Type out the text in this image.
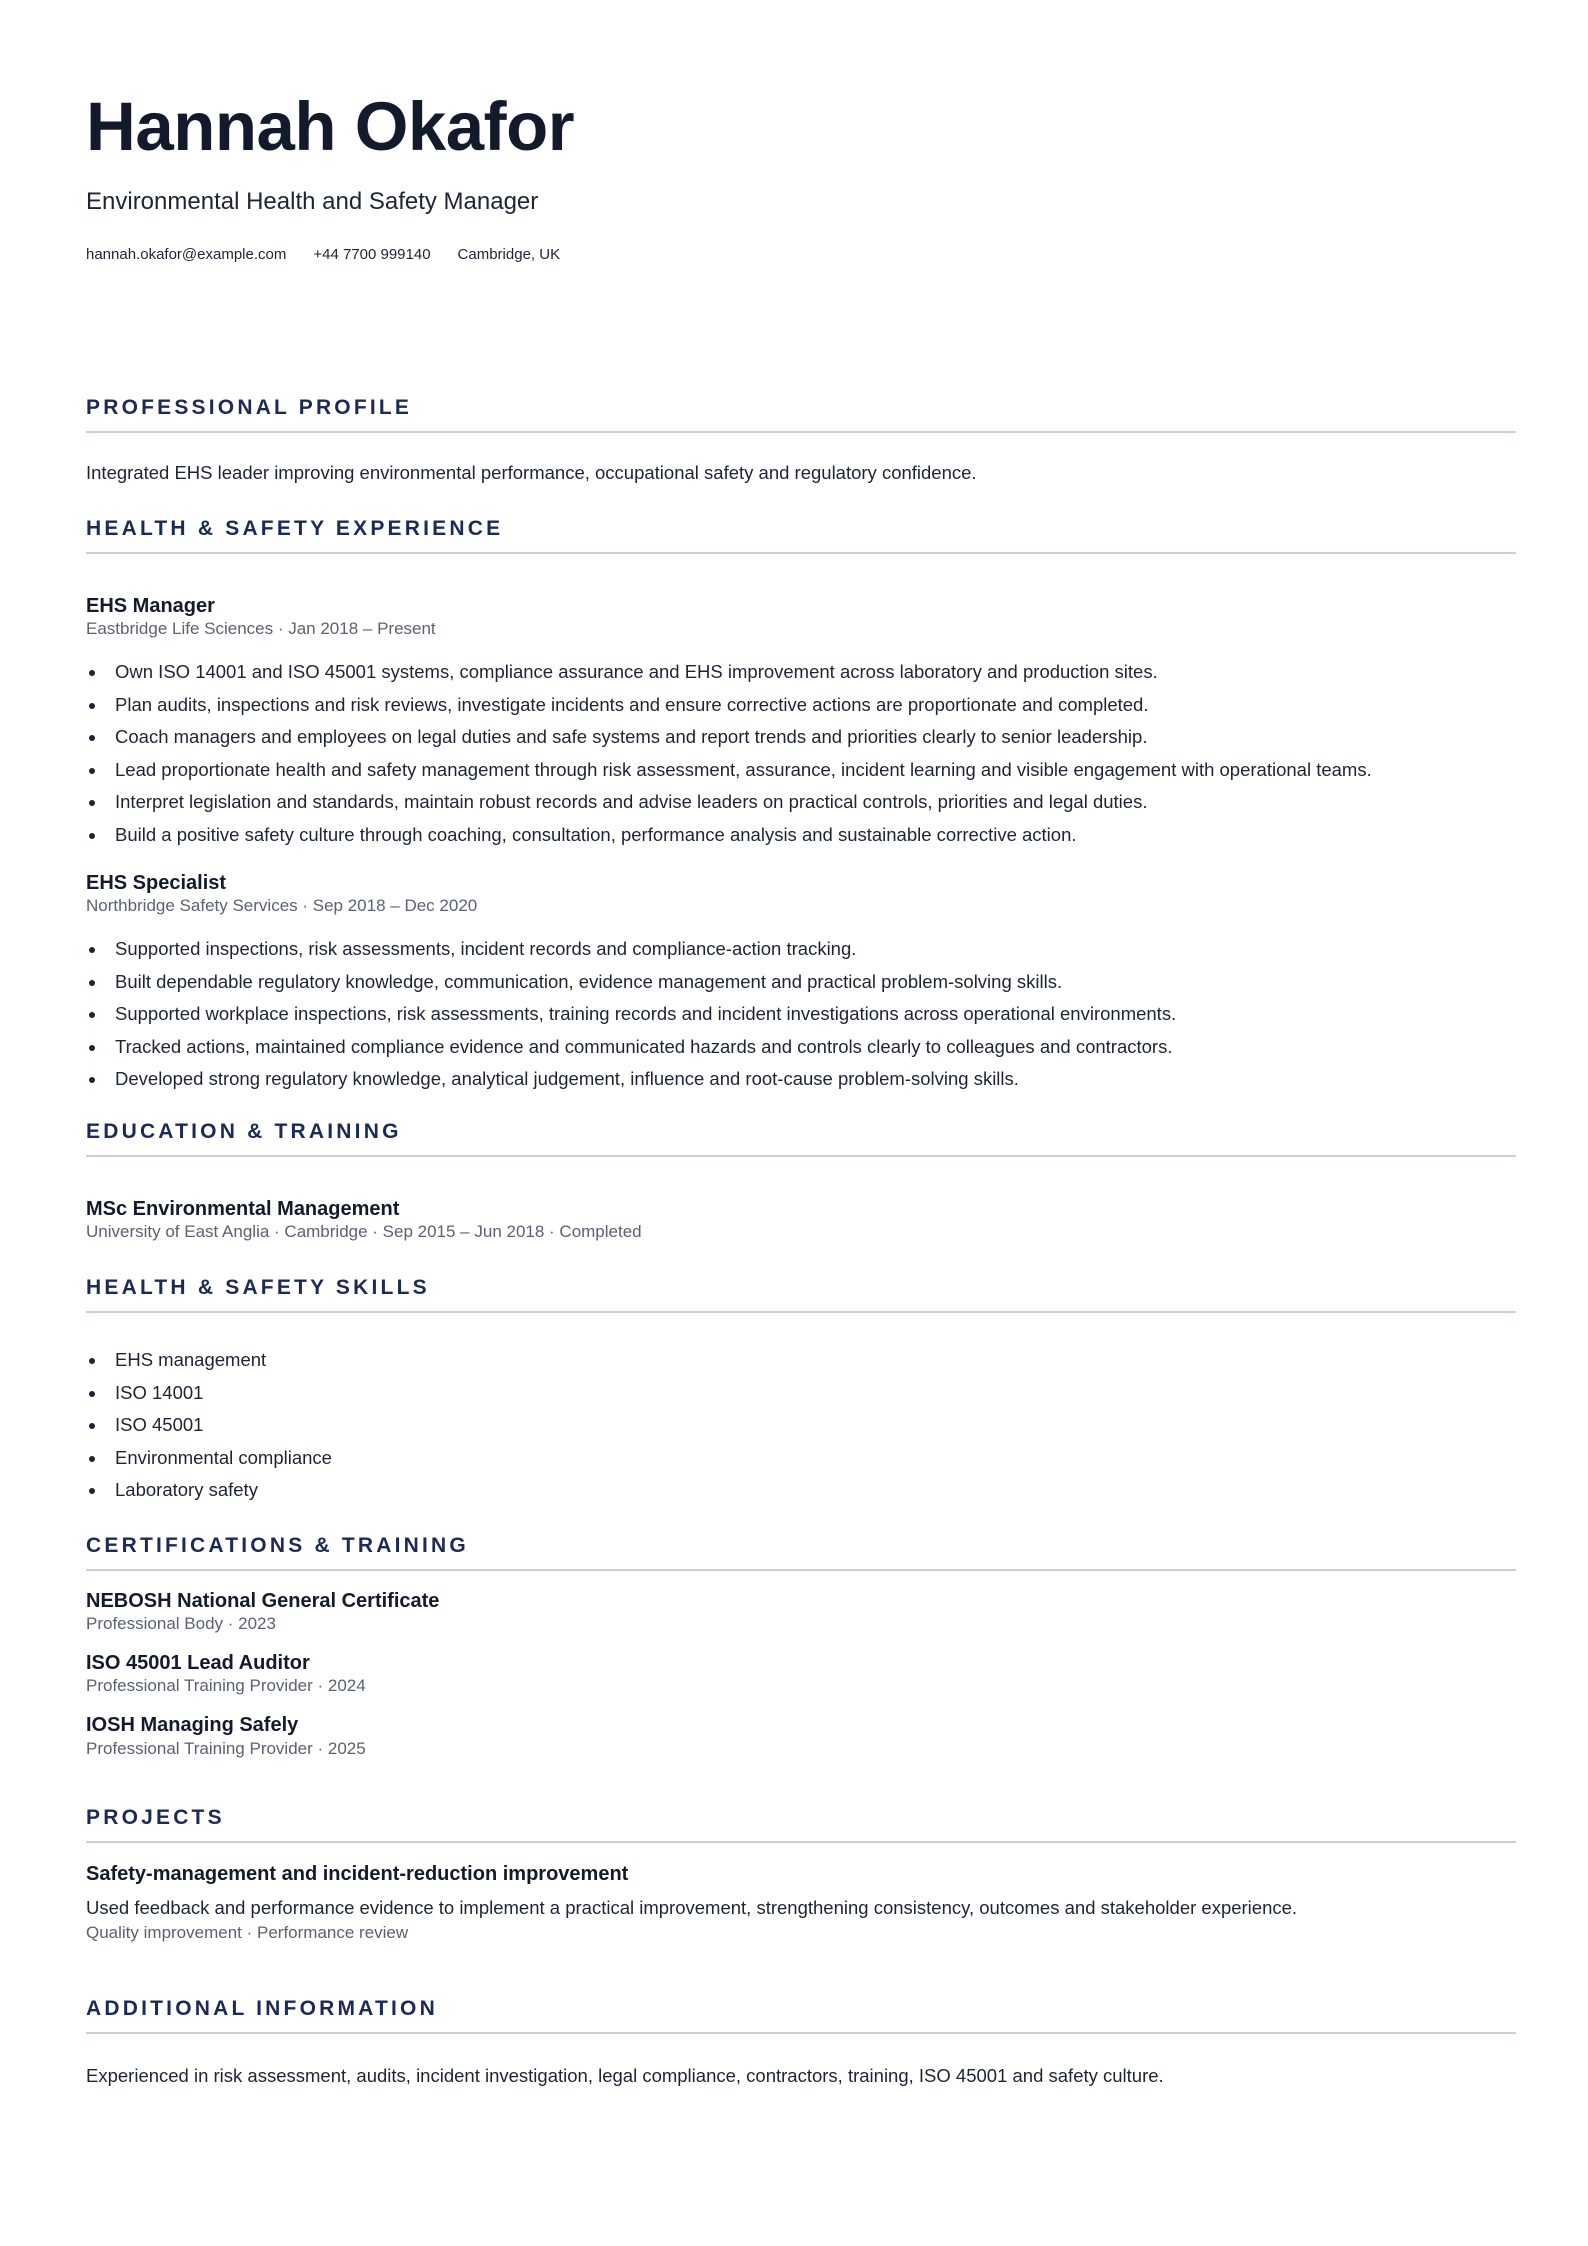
Hannah Okafor
Environmental Health and Safety Manager
hannah.okafor@example.com +44 7700 999140 Cambridge, UK
PROFESSIONAL PROFILE
Integrated EHS leader improving environmental performance, occupational safety and regulatory confidence.
HEALTH & SAFETY EXPERIENCE
EHS Manager
Eastbridge Life Sciences · Jan 2018 – Present
Own ISO 14001 and ISO 45001 systems, compliance assurance and EHS improvement across laboratory and production sites.
Plan audits, inspections and risk reviews, investigate incidents and ensure corrective actions are proportionate and completed.
Coach managers and employees on legal duties and safe systems and report trends and priorities clearly to senior leadership.
Lead proportionate health and safety management through risk assessment, assurance, incident learning and visible engagement with operational teams.
Interpret legislation and standards, maintain robust records and advise leaders on practical controls, priorities and legal duties.
Build a positive safety culture through coaching, consultation, performance analysis and sustainable corrective action.
EHS Specialist
Northbridge Safety Services · Sep 2018 – Dec 2020
Supported inspections, risk assessments, incident records and compliance-action tracking.
Built dependable regulatory knowledge, communication, evidence management and practical problem-solving skills.
Supported workplace inspections, risk assessments, training records and incident investigations across operational environments.
Tracked actions, maintained compliance evidence and communicated hazards and controls clearly to colleagues and contractors.
Developed strong regulatory knowledge, analytical judgement, influence and root-cause problem-solving skills.
EDUCATION & TRAINING
MSc Environmental Management
University of East Anglia · Cambridge · Sep 2015 – Jun 2018 · Completed
HEALTH & SAFETY SKILLS
EHS management
ISO 14001
ISO 45001
Environmental compliance
Laboratory safety
CERTIFICATIONS & TRAINING
NEBOSH National General Certificate
Professional Body · 2023
ISO 45001 Lead Auditor
Professional Training Provider · 2024
IOSH Managing Safely
Professional Training Provider · 2025
PROJECTS
Safety-management and incident-reduction improvement
Used feedback and performance evidence to implement a practical improvement, strengthening consistency, outcomes and stakeholder experience.
Quality improvement · Performance review
ADDITIONAL INFORMATION
Experienced in risk assessment, audits, incident investigation, legal compliance, contractors, training, ISO 45001 and safety culture.
